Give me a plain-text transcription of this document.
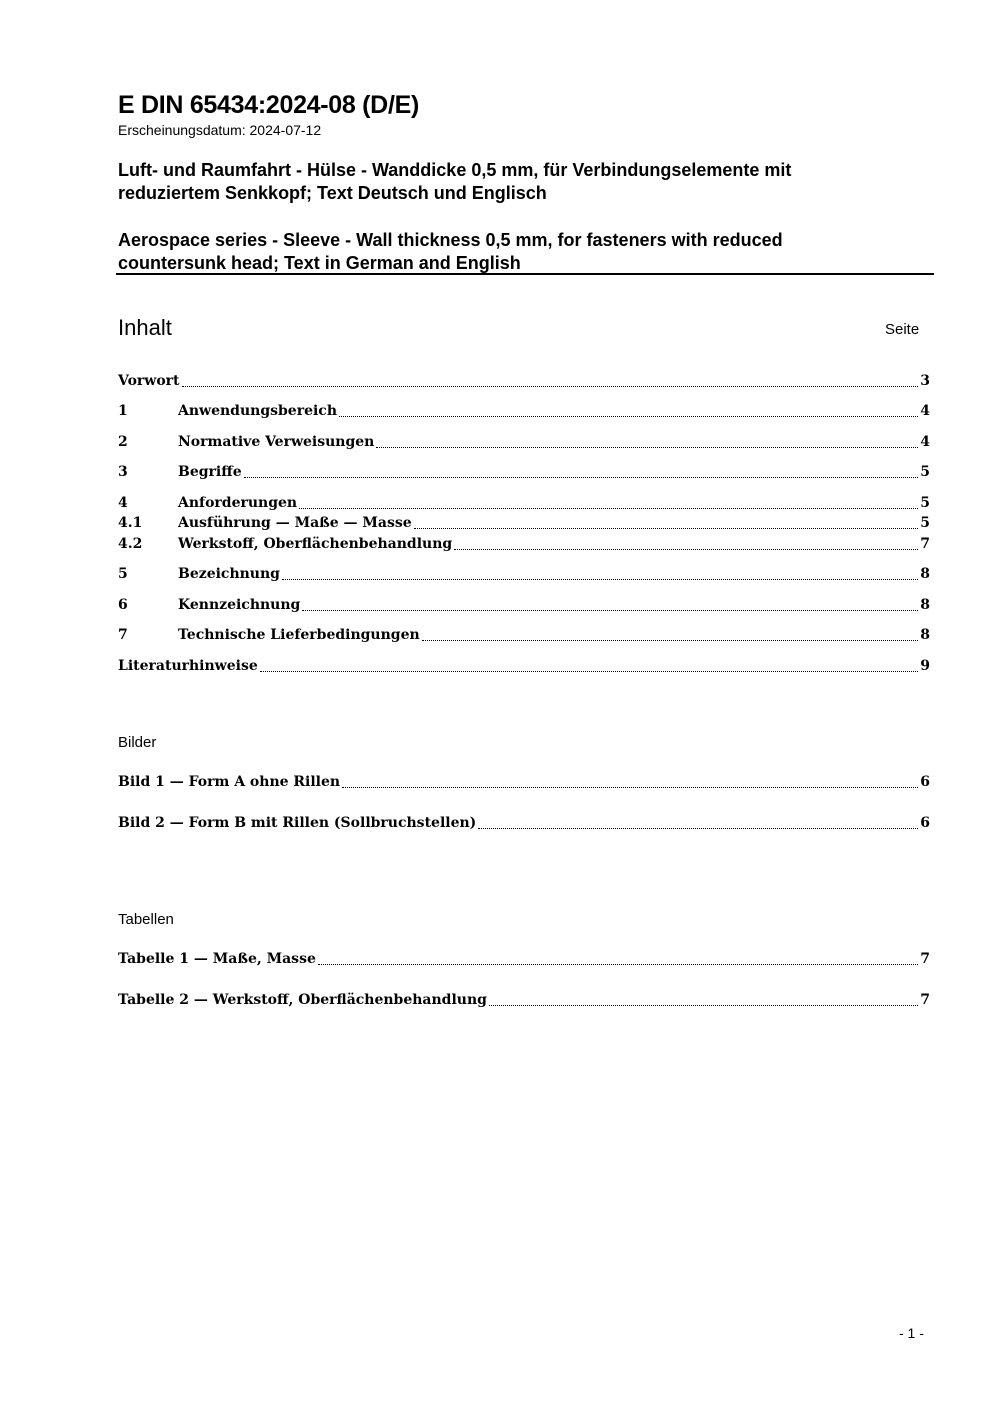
E DIN 65434:2024-08 (D/E)
Erscheinungsdatum: 2024-07-12
Luft- und Raumfahrt - Hülse - Wanddicke 0,5 mm, für Verbindungselemente mit
reduziertem Senkkopf; Text Deutsch und Englisch
Aerospace series - Sleeve - Wall thickness 0,5 mm, for fasteners with reduced
countersunk head; Text in German and English
Inhalt	Seite
Vorwort	3
1	Anwendungsbereich	4
2	Normative Verweisungen	4
3	Begriffe	5
4	Anforderungen	5
4.1	Ausführung — Maße — Masse	5
4.2	Werkstoff, Oberflächenbehandlung	7
5	Bezeichnung	8
6	Kennzeichnung	8
7	Technische Lieferbedingungen	8
Literaturhinweise	9
Bilder
Bild 1 — Form A ohne Rillen	6
Bild 2 — Form B mit Rillen (Sollbruchstellen)	6
Tabellen
Tabelle 1 — Maße, Masse	7
Tabelle 2 — Werkstoff, Oberflächenbehandlung	7
- 1 -
